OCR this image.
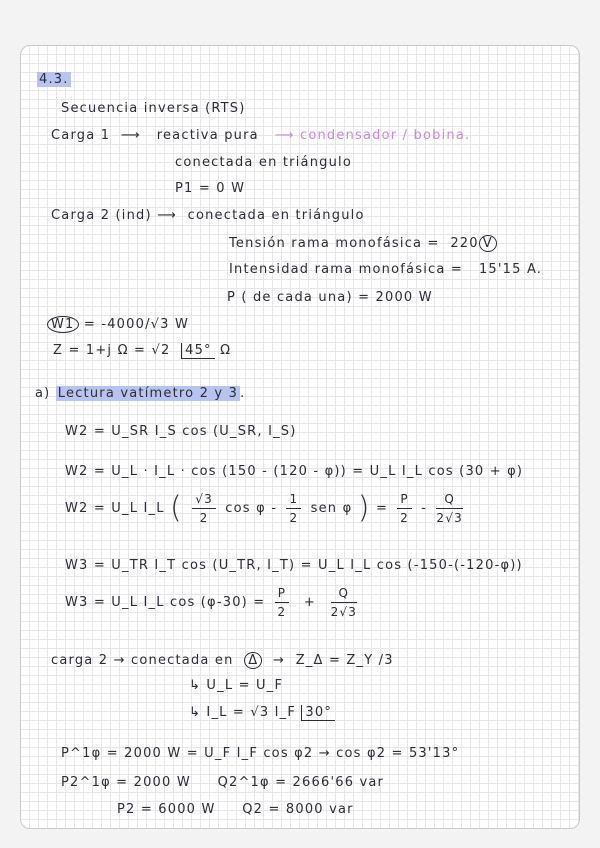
4.3.
Secuencia inversa (RTS)
Carga 1  ⟶   reactiva pura   ⟶ condensador / bobina.
conectada en triángulo
P1 = 0 W
Carga 2 (ind) ⟶  conectada en triángulo
Tensión rama monofásica = 220 V
Intensidad rama monofásica = 15'15 A.
P ( de cada una) = 2000 W
W1 = -4000/√3 W
Z = 1+j Ω = √2 45° Ω
a) Lectura vatímetro 2 y 3 .
W2 = U_SR I_S cos (U_SR, I_S)
W2 = U_L · I_L · cos (150 - (120 - φ)) = U_L I_L cos (30 + φ)
W2 = U_L I_L ( $\frac{√3}{2}$ cos φ - $\frac{1}{2}$ sen φ ) = $\frac{P}{2} - \frac{Q}{2√3}$
W3 = U_TR I_T cos (U_TR, I_T) = U_L I_L cos (-150-(-120-φ))
W3 = U_L I_L $\cos (\varphi-30) = \frac{P}{2} + \frac{Q}{2√3}$
carga 2 → conectada en Δ → Z_Δ = Z_Y /3
↳ U_L = U_F
↳ I_L = √3 I_F 30°
P^1φ = 2000 W = U_F I_F cos φ2 → cos φ2 = 53'13°
P2^1φ = 2000 W Q2^1φ = 2666'66 var
P2 = 6000 W Q2 = 8000 var
